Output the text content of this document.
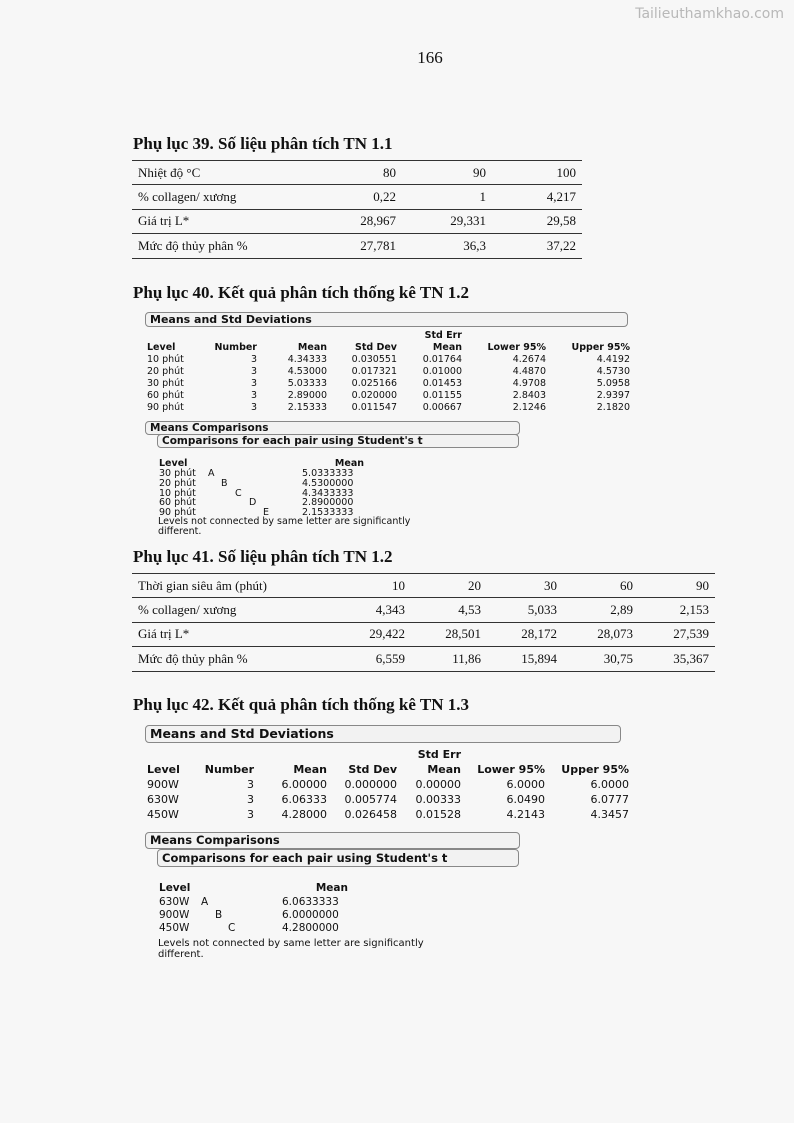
Tailieuthamkhao.com
166
Phụ lục 39. Số liệu phân tích TN 1.1
Nhiệt độ °C	80	90	100
% collagen/ xương	0,22	1	4,217
Giá trị L*	28,967	29,331	29,58
Mức độ thủy phân %	27,781	36,3	37,22
Phụ lục 40. Kết quả phân tích thống kê TN 1.2
Means and Std Deviations
				Std Err		
Level	Number	Mean	Std Dev	Mean	Lower 95%	Upper 95%
10 phút	3	4.34333	0.030551	0.01764	4.2674	4.4192
20 phút	3	4.53000	0.017321	0.01000	4.4870	4.5730
30 phút	3	5.03333	0.025166	0.01453	4.9708	5.0958
60 phút	3	2.89000	0.020000	0.01155	2.8403	2.9397
90 phút	3	2.15333	0.011547	0.00667	2.1246	2.1820
Means Comparisons
Comparisons for each pair using Student's t
Level	Mean
30 phút A	5.0333333
20 phút	B	4.5300000
10 phút	C	4.3433333
60 phút	D	2.8900000
90 phút	E	2.1533333
Levels not connected by same letter are significantly
different.
Phụ lục 41. Số liệu phân tích TN 1.2
Thời gian siêu âm (phút)	10	20	30	60	90
% collagen/ xương	4,343	4,53	5,033	2,89	2,153
Giá trị L*	29,422	28,501	28,172	28,073	27,539
Mức độ thủy phân %	6,559	11,86	15,894	30,75	35,367
Phụ lục 42. Kết quả phân tích thống kê TN 1.3
Means and Std Deviations
				Std Err		
Level	Number	Mean	Std Dev	Mean	Lower 95%	Upper 95%
900W	3	6.00000	0.000000	0.00000	6.0000	6.0000
630W	3	6.06333	0.005774	0.00333	6.0490	6.0777
450W	3	4.28000	0.026458	0.01528	4.2143	4.3457
Means Comparisons
Comparisons for each pair using Student's t
Level	Mean
630W A	6.0633333
900W B	6.0000000
450W	C	4.2800000
Levels not connected by same letter are significantly
different.
